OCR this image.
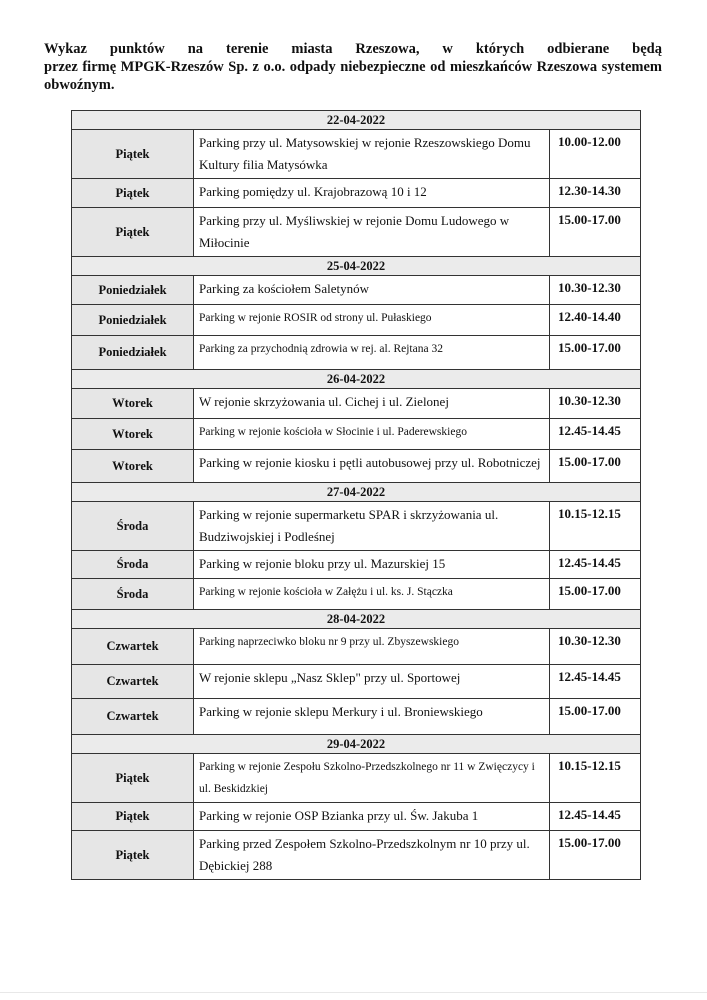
Wykaz punktów na terenie miasta Rzeszowa, w których odbierane będą
przez firmę MPGK-Rzeszów Sp. z o.o. odpady niebezpieczne od mieszkańców Rzeszowa systemem
obwoźnym.
22-04-2022		
Piątek	Parking przy ul. Matysowskiej w rejonie Rzeszowskiego Domu Kultury filia Matysówka	10.00-12.00
Piątek	Parking pomiędzy ul. Krajobrazową 10 i 12	12.30-14.30
Piątek	Parking przy ul. Myśliwskiej w rejonie Domu Ludowego w Miłocinie	15.00-17.00
25-04-2022		
Poniedziałek	Parking za kościołem Saletynów	10.30-12.30
Poniedziałek	Parking w rejonie ROSIR od strony ul. Pułaskiego	12.40-14.40
Poniedziałek	Parking za przychodnią zdrowia w rej. al. Rejtana 32	15.00-17.00
26-04-2022		
Wtorek	W rejonie skrzyżowania ul. Cichej i ul. Zielonej	10.30-12.30
Wtorek	Parking w rejonie kościoła w Słocinie i ul. Paderewskiego	12.45-14.45
Wtorek	Parking w rejonie kiosku i pętli autobusowej przy ul. Robotniczej	15.00-17.00
27-04-2022		
Środa	Parking w rejonie supermarketu SPAR i skrzyżowania ul. Budziwojskiej i Podleśnej	10.15-12.15
Środa	Parking w rejonie bloku przy ul. Mazurskiej 15	12.45-14.45
Środa	Parking w rejonie kościoła w Załężu i ul. ks. J. Stączka	15.00-17.00
28-04-2022		
Czwartek	Parking naprzeciwko bloku nr 9 przy ul. Zbyszewskiego	10.30-12.30
Czwartek	W rejonie sklepu „Nasz Sklep" przy ul. Sportowej	12.45-14.45
Czwartek	Parking w rejonie sklepu Merkury i ul. Broniewskiego	15.00-17.00
29-04-2022		
Piątek	Parking w rejonie Zespołu Szkolno-Przedszkolnego nr 11 w Zwięczycy i ul. Beskidzkiej	10.15-12.15
Piątek	Parking w rejonie OSP Bzianka przy ul. Św. Jakuba 1	12.45-14.45
Piątek	Parking przed Zespołem Szkolno-Przedszkolnym nr 10 przy ul. Dębickiej 288	15.00-17.00
